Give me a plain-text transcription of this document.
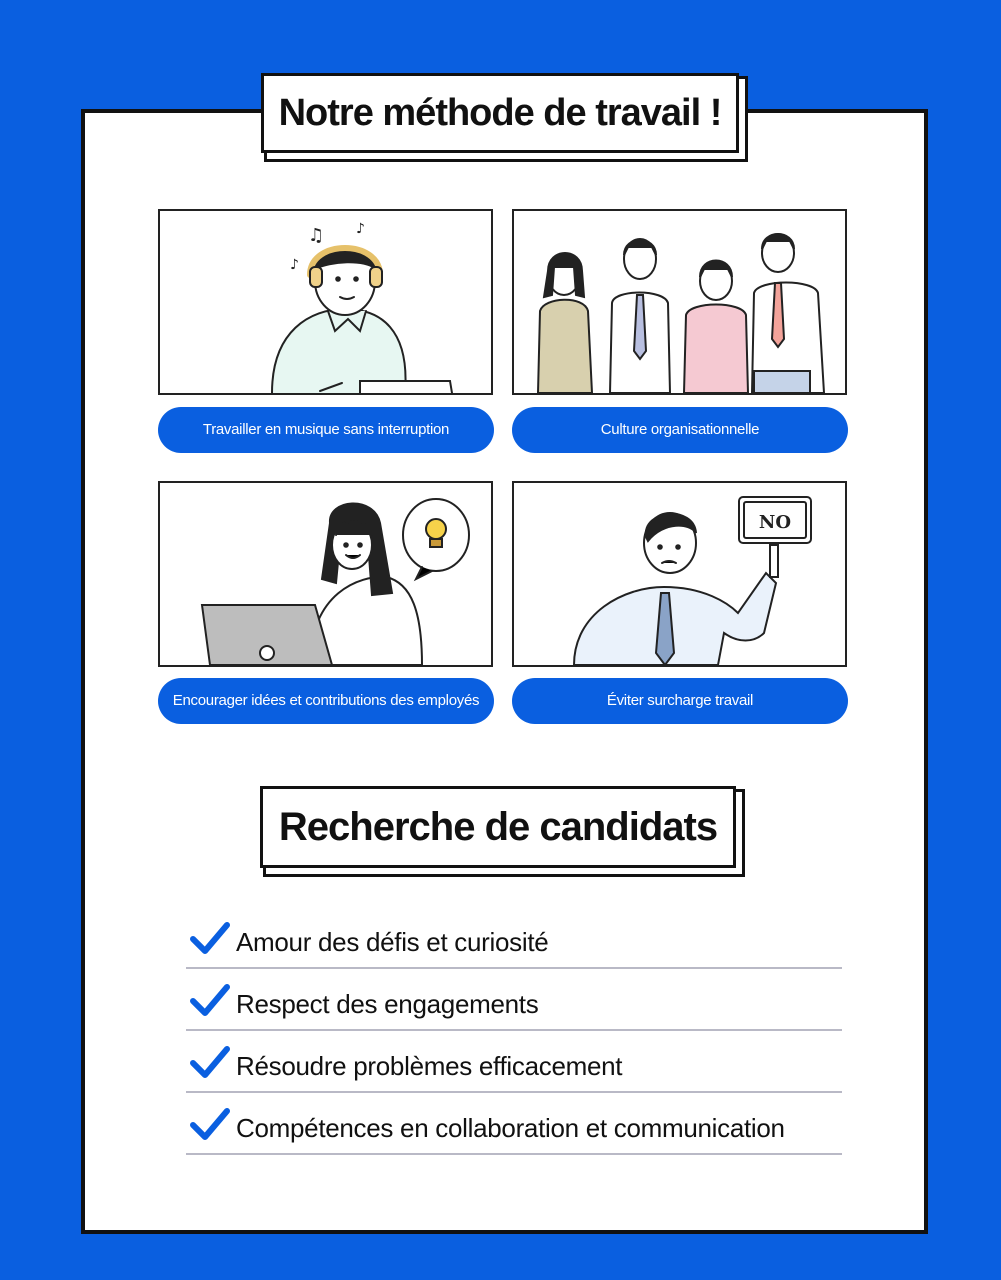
Notre méthode de travail !
♫ ♪
♪
Travailler en musique sans interruption	Culture organisationnelle
Encourager idées et contributions des employés
NO
Éviter surcharge travail
Recherche de candidats
Amour des défis et curiosité
Respect des engagements
Résoudre problèmes efficacement
Compétences en collaboration et communication
